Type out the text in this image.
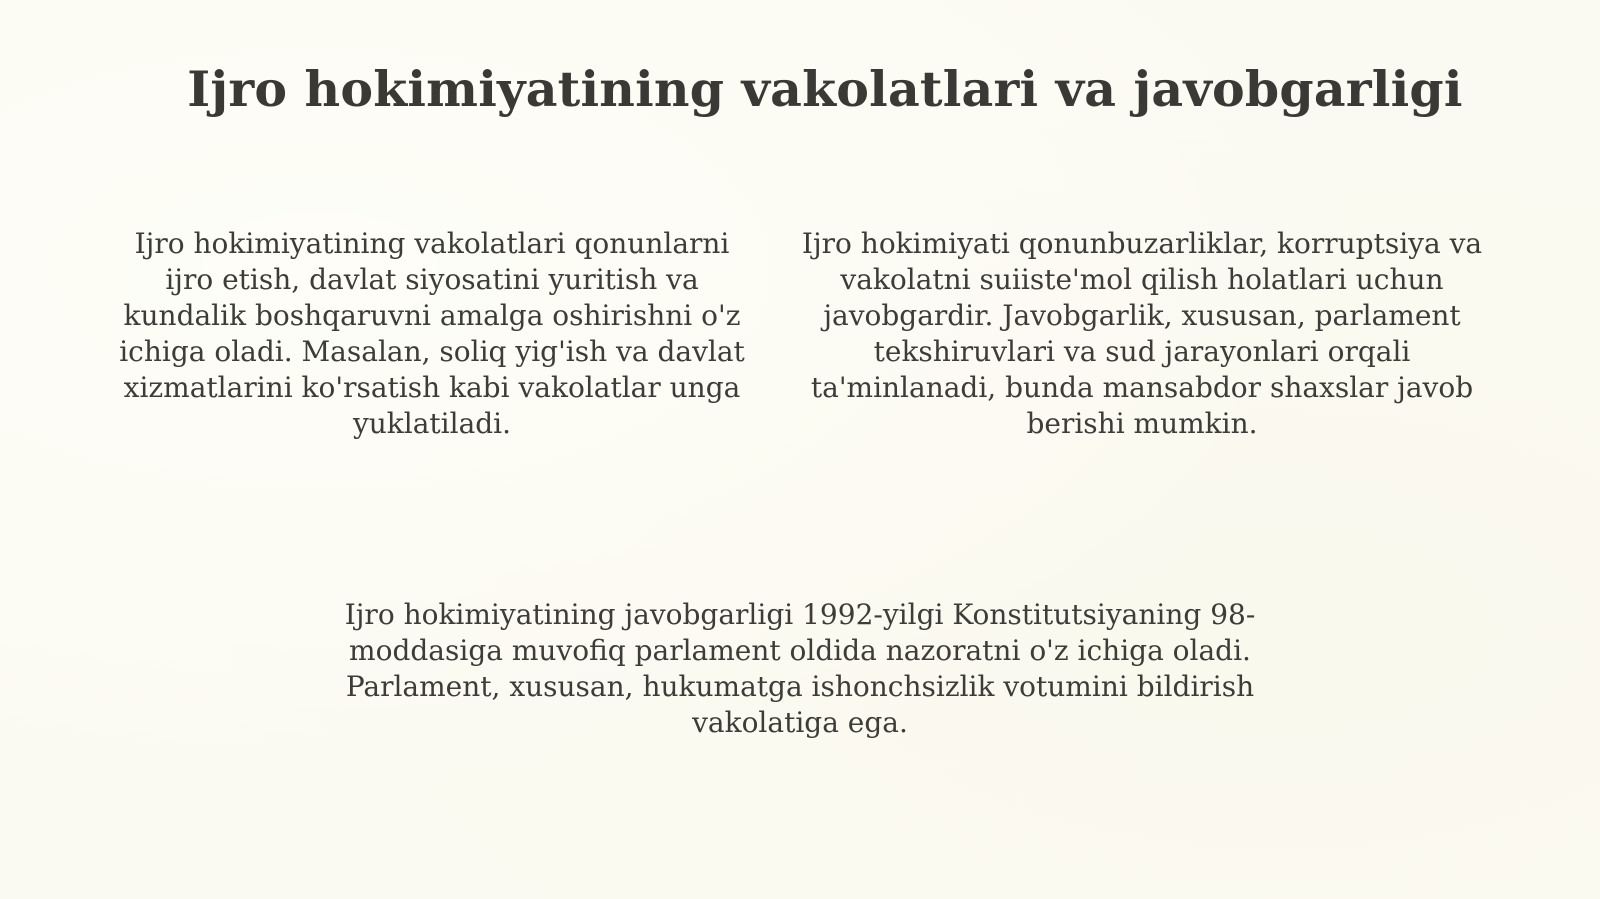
Ijro hokimiyatining vakolatlari va javobgarligi

Ijro hokimiyatining vakolatlari qonunlarni ijro etish, davlat siyosatini yuritish va kundalik boshqaruvni amalga oshirishni o'z ichiga oladi. Masalan, soliq yig'ish va davlat xizmatlarini ko'rsatish kabi vakolatlar unga yuklatiladi.

Ijro hokimiyati qonunbuzarliklar, korruptsiya va vakolatni suiiste'mol qilish holatlari uchun javobgardir. Javobgarlik, xususan, parlament tekshiruvlari va sud jarayonlari orqali ta'minlanadi, bunda mansabdor shaxslar javob berishi mumkin.

Ijro hokimiyatining javobgarligi 1992-yilgi Konstitutsiyaning 98-moddasiga muvofiq parlament oldida nazoratni o'z ichiga oladi. Parlament, xususan, hukumatga ishonchsizlik votumini bildirish vakolatiga ega.
